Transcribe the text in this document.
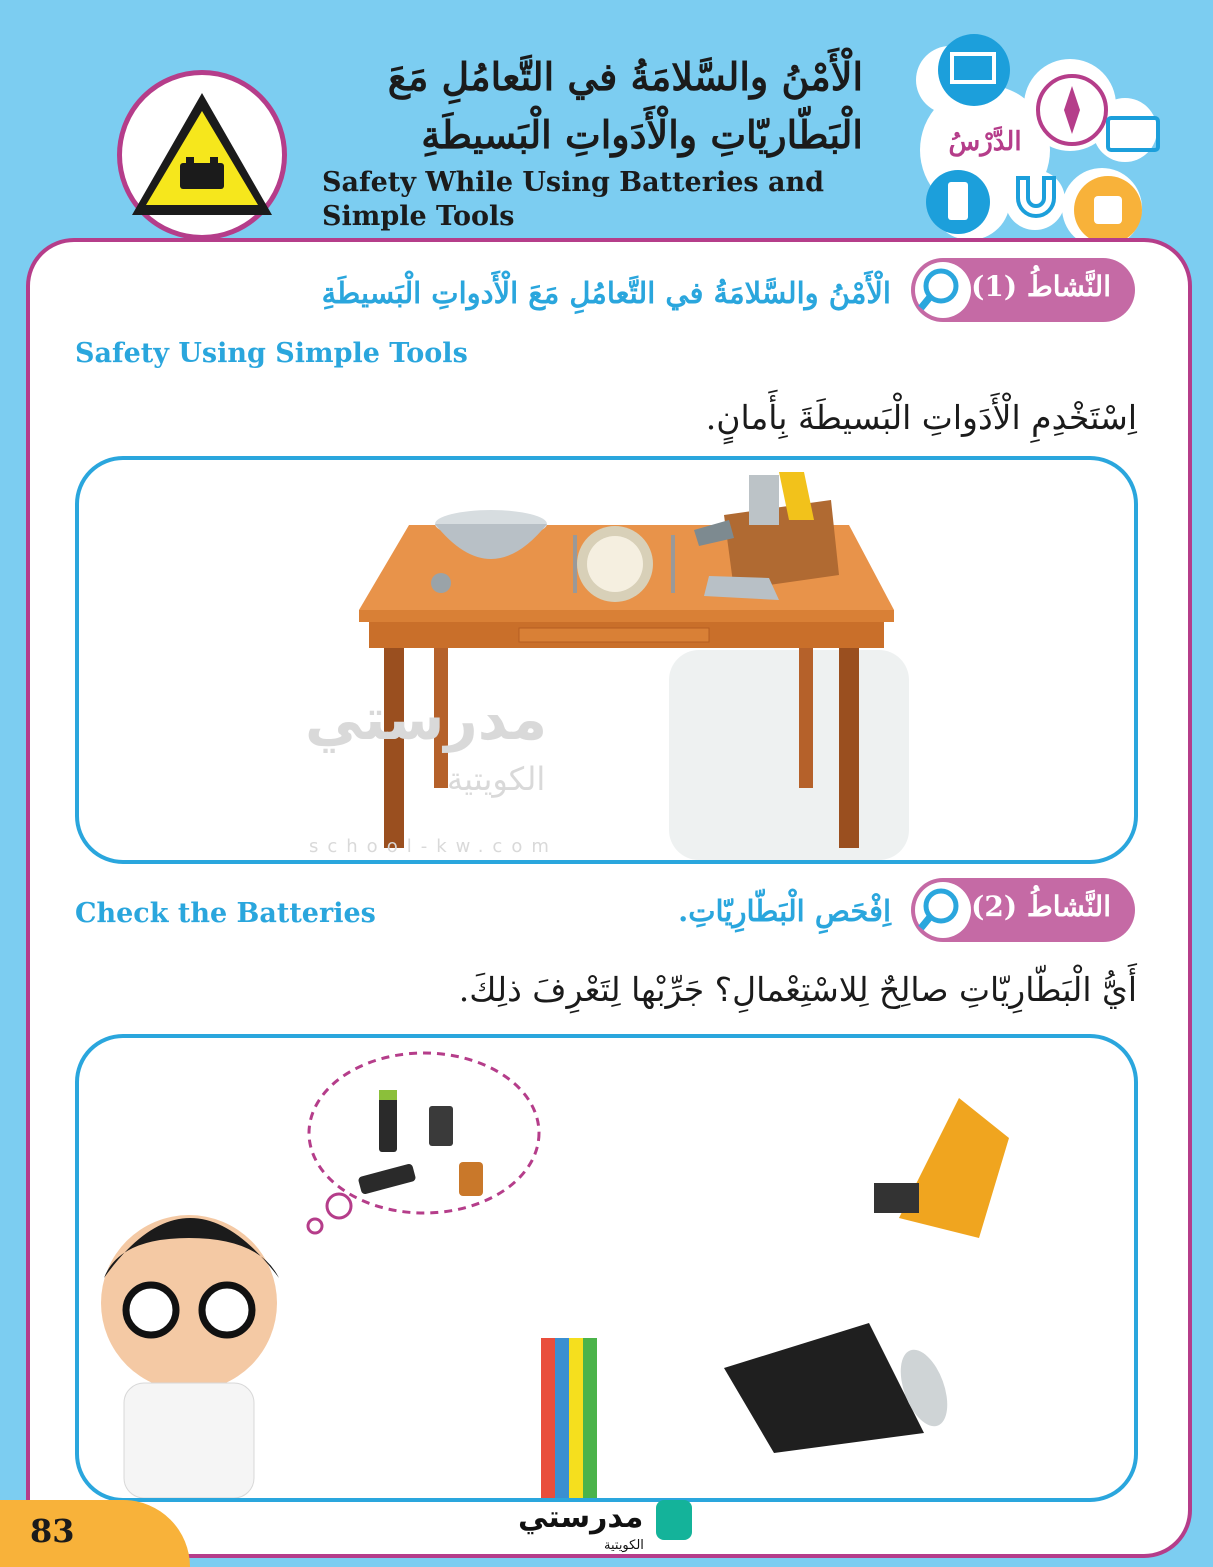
الدَّرْسُ
الْأَمْنُ والسَّلامَةُ في التَّعامُلِ مَعَ
الْبَطّاريّاتِ والْأَدَواتِ الْبَسيطَةِ
Safety While Using Batteries and
Simple Tools
النَّشاطُ (1)
الْأَمْنُ والسَّلامَةُ في التَّعامُلِ مَعَ الْأَدواتِ الْبَسيطَةِ
Safety Using Simple Tools
اِسْتَخْدِمِ الْأَدَواتِ الْبَسيطَةَ بِأَمانٍ.
مدرستي
الكويتية
school-kw.com
النَّشاطُ (2)
اِفْحَصِ الْبَطّارِيّاتِ.
Check the Batteries
أَيُّ الْبَطّارِيّاتِ صالِحٌ لِلاسْتِعْمالِ؟ جَرِّبْها لِتَعْرِفَ ذلِكَ.
83	مدرستي
الكويتية
